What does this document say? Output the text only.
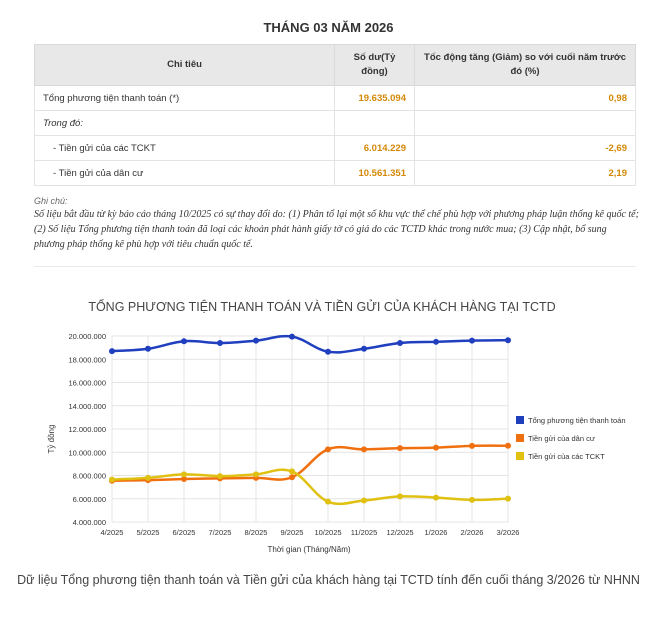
THÁNG 03 NĂM 2026
Chỉ tiêu	Số dư(Tỷ đồng)	Tốc động tăng (Giảm) so với cuối năm trước đó (%)
Tổng phương tiện thanh toán (*)	19.635.094	0,98
Trong đó:		
- Tiền gửi của các TCKT	6.014.229	-2,69
- Tiền gửi của dân cư	10.561.351	2,19
Ghi chú:
Số liệu bắt đầu từ kỳ báo cáo tháng 10/2025 có sự thay đổi do: (1) Phân tổ lại một số khu vực thể chế phù hợp với phương pháp luận thống kê quốc tế; (2) Số liệu Tổng phương tiện thanh toán đã loại các khoản phát hành giấy tờ có giá do các TCTD khác trong nước mua; (3) Cập nhật, bổ sung phương pháp thống kê phù hợp với tiêu chuẩn quốc tế.
TỔNG PHƯƠNG TIỆN THANH TOÁN VÀ TIỀN GỬI CỦA KHÁCH HÀNG TẠI TCTD
4.000.000
6.000.000
8.000.000
10.000.000
12.000.000
14.000.000
16.000.000
18.000.000
20.000.000
4/2025 5/2025 6/2025 7/2025 8/2025 9/2025 10/2025 11/2025 12/2025 1/2026 2/2026 3/2026
Tổng phương tiện thanh toán
Tiền gửi của dân cư
Tiền gửi của các TCKT
Thời gian (Tháng/Năm)
Tỷ đồng
Dữ liệu Tổng phương tiện thanh toán và Tiền gửi của khách hàng tại TCTD tính đến cuối tháng 3/2026 từ NHNN
